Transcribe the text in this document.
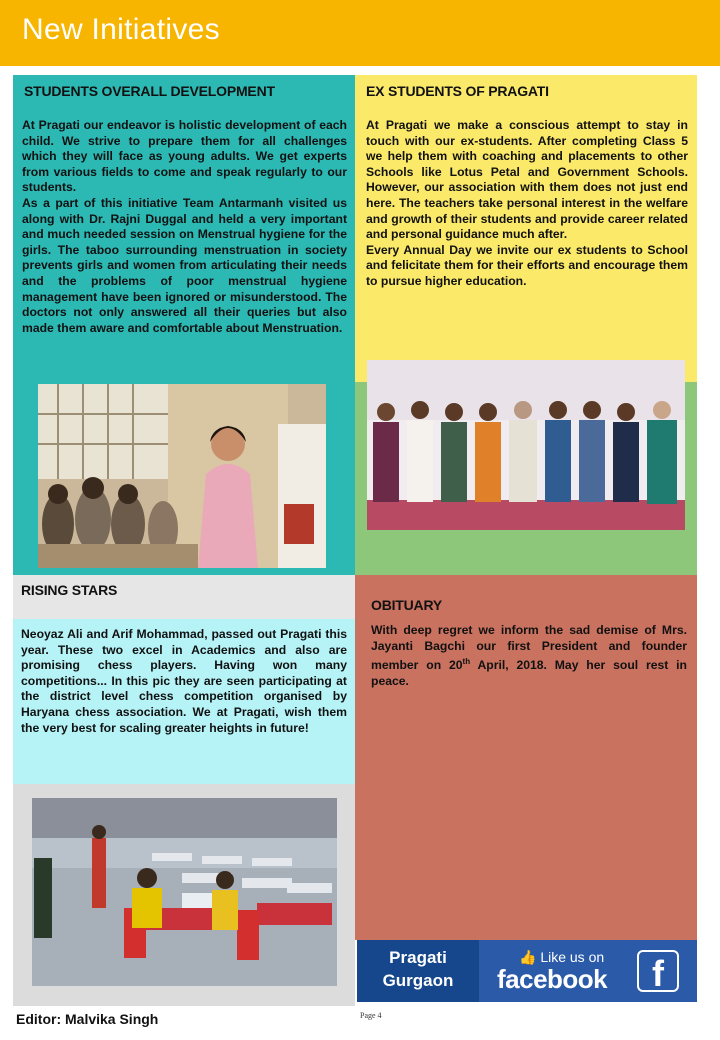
New Initiatives
STUDENTS OVERALL DEVELOPMENT

At Pragati our endeavor is holistic development of each child. We strive to prepare them for all challenges which they will face as young adults. We get experts from various fields to come and speak regularly to our students.

As a part of this initiative Team Antarmanh visited us along with Dr. Rajni Duggal and held a very important and much needed session on Menstrual hygiene for the girls. The taboo surrounding menstruation in society prevents girls and women from articulating their needs and the problems of poor menstrual hygiene management have been ignored or misunderstood. The doctors not only answered all their queries but also made them aware and comfortable about Menstruation.

EX STUDENTS OF PRAGATI

At Pragati we make a conscious attempt to stay in touch with our ex-students. After completing Class 5 we help them with coaching and placements to other Schools like Lotus Petal and Government Schools. However, our association with them does not just end here. The teachers take personal interest in the welfare and growth of their students and provide career related and personal guidance much after.

Every Annual Day we invite our ex students to School and felicitate them for their efforts and encourage them to pursue higher education.

RISING STARS
Neoyaz Ali and Arif Mohammad, passed out Pragati this year. These two excel in Academics and also are promising chess players. Having won many competitions... In this pic they are seen participating at the district level chess competition organised by Haryana chess association. We at Pragati, wish them the very best for scaling greater heights in future!
OBITUARY
With deep regret we inform the sad demise of Mrs. Jayanti Bagchi our first President and founder member on 20th April, 2018. May her soul rest in peace.
Pragati
Gurgaon
👍 Like us on
facebook	f
Editor: Malvika Singh	Page 4
